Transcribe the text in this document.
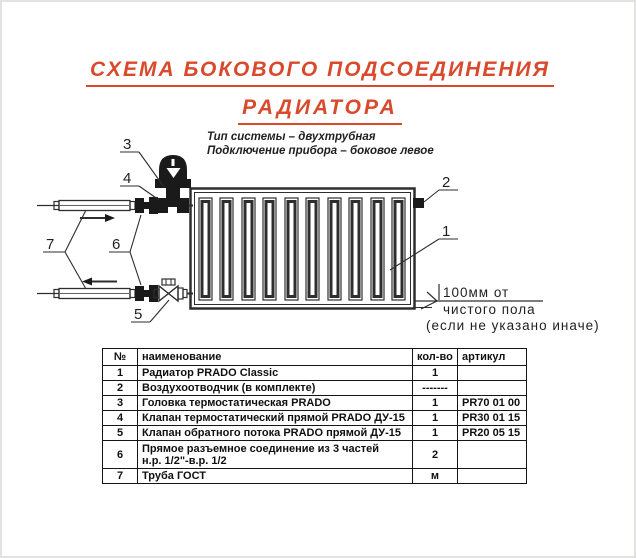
СХЕМА БОКОВОГО ПОДСОЕДИНЕНИЯ
РАДИАТОРА
Тип системы – двухтрубная
Подключение прибора – боковое левое
3
4
7	6
5
2
1
100мм от
чистого пола
(если не указано иначе)
№	наименование	кол-во	артикул
1	Радиатор PRADO Classic	1	
2	Воздухоотводчик (в комплекте)	-------	
3	Головка термостатическая PRADO	1	PR70 01 00
4	Клапан термостатический прямой PRADO ДУ-15	1	PR30 01 15
5	Клапан обратного потока PRADO прямой ДУ-15	1	PR20 05 15
6	Прямое разъемное соединение из 3 частей
н.р. 1/2"-в.р. 1/2	2	
7	Труба ГОСТ	м	
